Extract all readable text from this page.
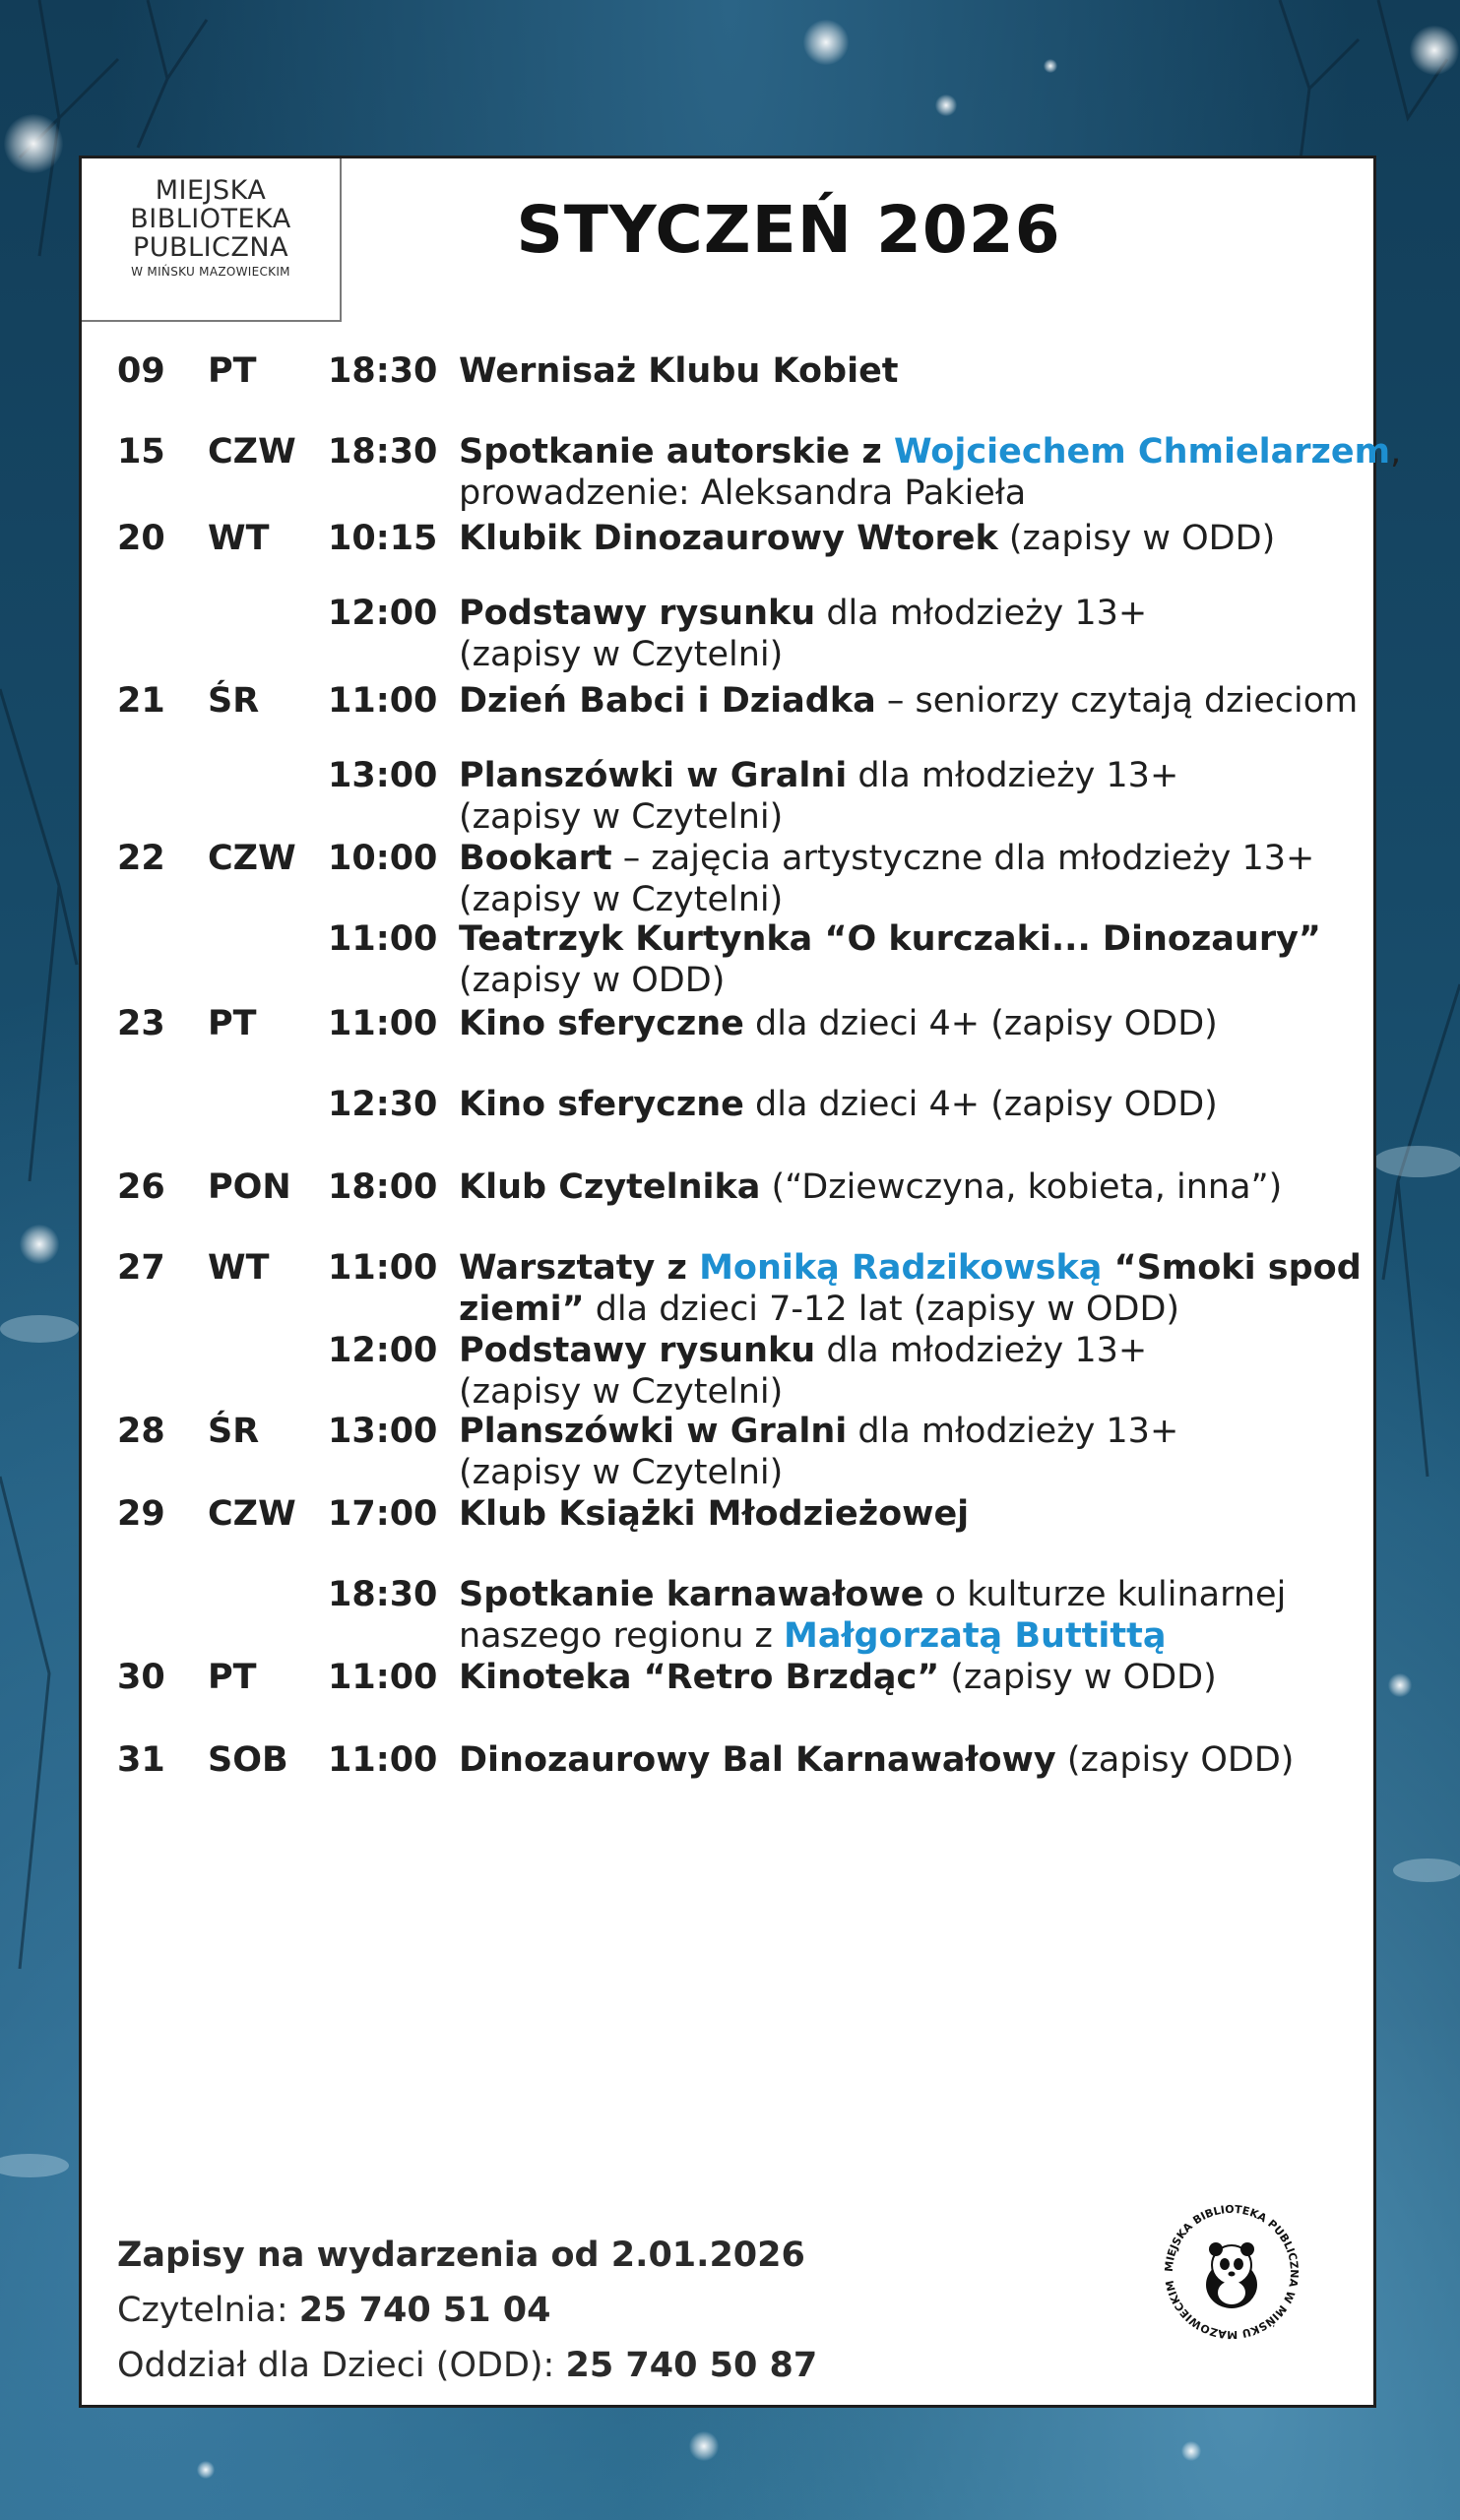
MIEJSKA
BIBLIOTEKA
PUBLICZNA
W MIŃSKU MAZOWIECKIM
STYCZEŃ 2026
09 PT 18:30 Wernisaż Klubu Kobiet
15 CZW 18:30 Spotkanie autorskie z Wojciechem Chmielarzem, prowadzenie: Aleksandra Pakieła
20 WT 10:15 Klubik Dinozaurowy Wtorek (zapisy w ODD)
12:00 Podstawy rysunku dla młodzieży 13+
(zapisy w Czytelni)
21 ŚR 11:00 Dzień Babci i Dziadka – seniorzy czytają dzieciom
13:00 Planszówki w Gralni dla młodzieży 13+
(zapisy w Czytelni)
22 CZW 10:00 Bookart – zajęcia artystyczne dla młodzieży 13+
(zapisy w Czytelni)
11:00 Teatrzyk Kurtynka “O kurczaki... Dinozaury”
(zapisy w ODD)
23 PT 11:00 Kino sferyczne dla dzieci 4+ (zapisy ODD)
12:30 Kino sferyczne dla dzieci 4+ (zapisy ODD)
26 PON 18:00 Klub Czytelnika (“Dziewczyna, kobieta, inna”)
27 WT 11:00 Warsztaty z Moniką Radzikowską “Smoki spod ziemi” dla dzieci 7-12 lat (zapisy w ODD)
12:00 Podstawy rysunku dla młodzieży 13+
(zapisy w Czytelni)
28 ŚR 13:00 Planszówki w Gralni dla młodzieży 13+
(zapisy w Czytelni)
29 CZW 17:00 Klub Książki Młodzieżowej
18:30 Spotkanie karnawałowe o kulturze kulinarnej naszego regionu z Małgorzatą Buttittą
30 PT 11:00 Kinoteka “Retro Brzdąc” (zapisy w ODD)
31 SOB 11:00 Dinozaurowy Bal Karnawałowy (zapisy ODD)
Zapisy na wydarzenia od 2.01.2026
Czytelnia: 25 740 51 04
Oddział dla Dzieci (ODD): 25 740 50 87
MIEJSKA BIBLIOTEKA PUBLICZNA W MIŃSKU MAZOWIECKIM
